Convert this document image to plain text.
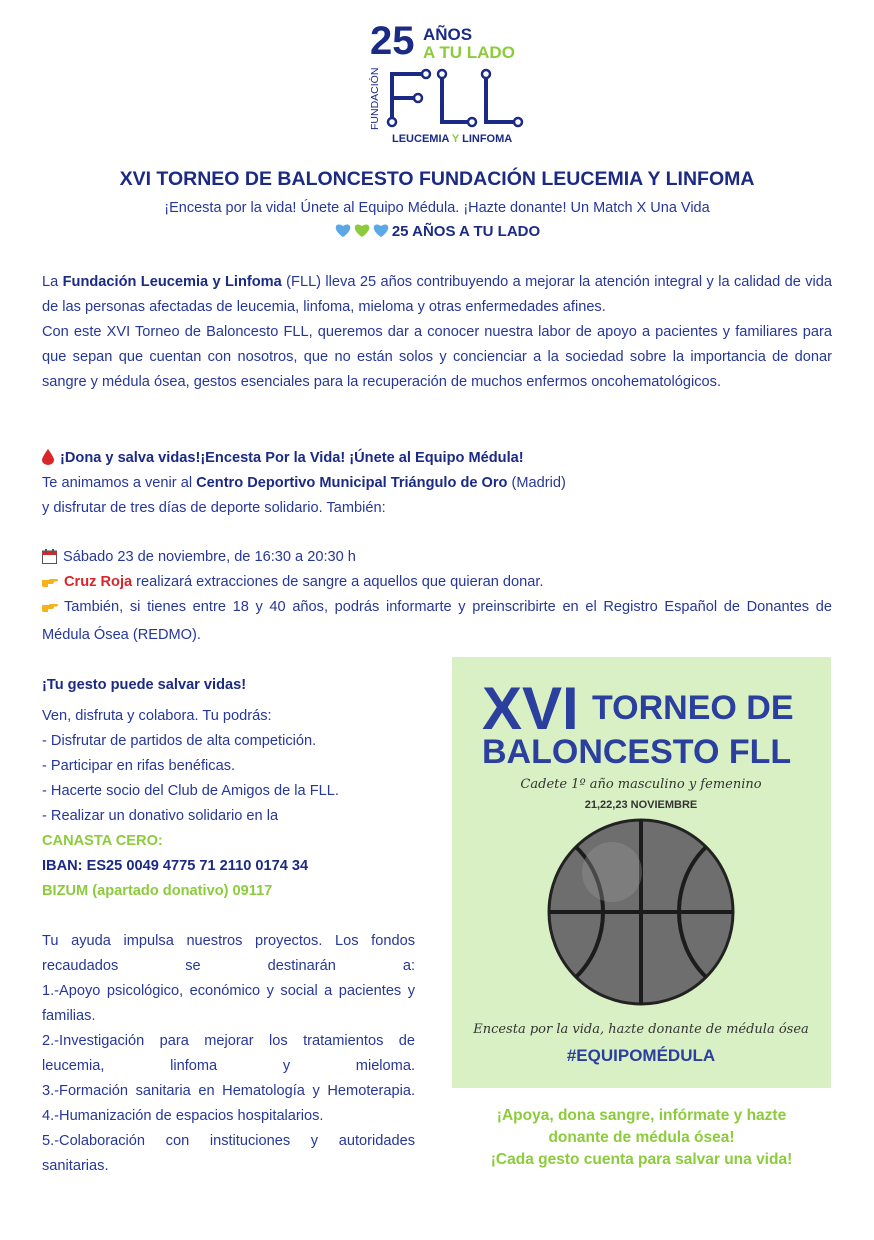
25 AÑOS
A TU LADO
FUNDACIÓN
LEUCEMIA Y LINFOMA
XVI TORNEO DE BALONCESTO FUNDACIÓN LEUCEMIA Y LINFOMA
¡Encesta por la vida! Únete al Equipo Médula. ¡Hazte donante! Un Match X Una Vida
25 AÑOS A TU LADO

La Fundación Leucemia y Linfoma (FLL) lleva 25 años contribuyendo a mejorar la atención integral y la calidad de vida de las personas afectadas de leucemia, linfoma, mieloma y otras enfermedades afines.

Con este XVI Torneo de Baloncesto FLL, queremos dar a conocer nuestra labor de apoyo a pacientes y familiares para que sepan que cuentan con nosotros, que no están solos y concienciar a la sociedad sobre la importancia de donar sangre y médula ósea, gestos esenciales para la recuperación de muchos enfermos oncohematológicos.

¡Dona y salva vidas!¡Encesta Por la Vida! ¡Únete al Equipo Médula!
Te animamos a venir al Centro Deportivo Municipal Triángulo de Oro (Madrid)
y disfrutar de tres días de deporte solidario. También:
Sábado 23 de noviembre, de 16:30 a 20:30 h
Cruz Roja realizará extracciones de sangre a aquellos que quieran donar.
También, si tienes entre 18 y 40 años, podrás informarte y preinscribirte en el Registro Español de Donantes de Médula Ósea (REDMO).
¡Tu gesto puede salvar vidas!
Ven, disfruta y colabora. Tu podrás:
- Disfrutar de partidos de alta competición.
- Participar en rifas benéficas.
- Hacerte socio del Club de Amigos de la FLL.
- Realizar un donativo solidario en la
CANASTA CERO:
IBAN: ES25 0049 4775 71 2110 0174 34
BIZUM (apartado donativo) 09117
Tu ayuda impulsa nuestros proyectos. Los fondos recaudados se destinarán a:
1.-Apoyo psicológico, económico y social a pacientes y familias.
2.-Investigación para mejorar los tratamientos de leucemia, linfoma y mieloma.
3.-Formación sanitaria en Hematología y Hemoterapia.
4.-Humanización de espacios hospitalarios.
5.-Colaboración con instituciones y autoridades sanitarias.
XVI TORNEO DE
BALONCESTO FLL
Cadete 1º año masculino y femenino
21,22,23 NOVIEMBRE
Encesta por la vida, hazte donante de médula ósea
#EQUIPOMÉDULA
¡Apoya, dona sangre, infórmate y hazte
donante de médula ósea!
¡Cada gesto cuenta para salvar una vida!
